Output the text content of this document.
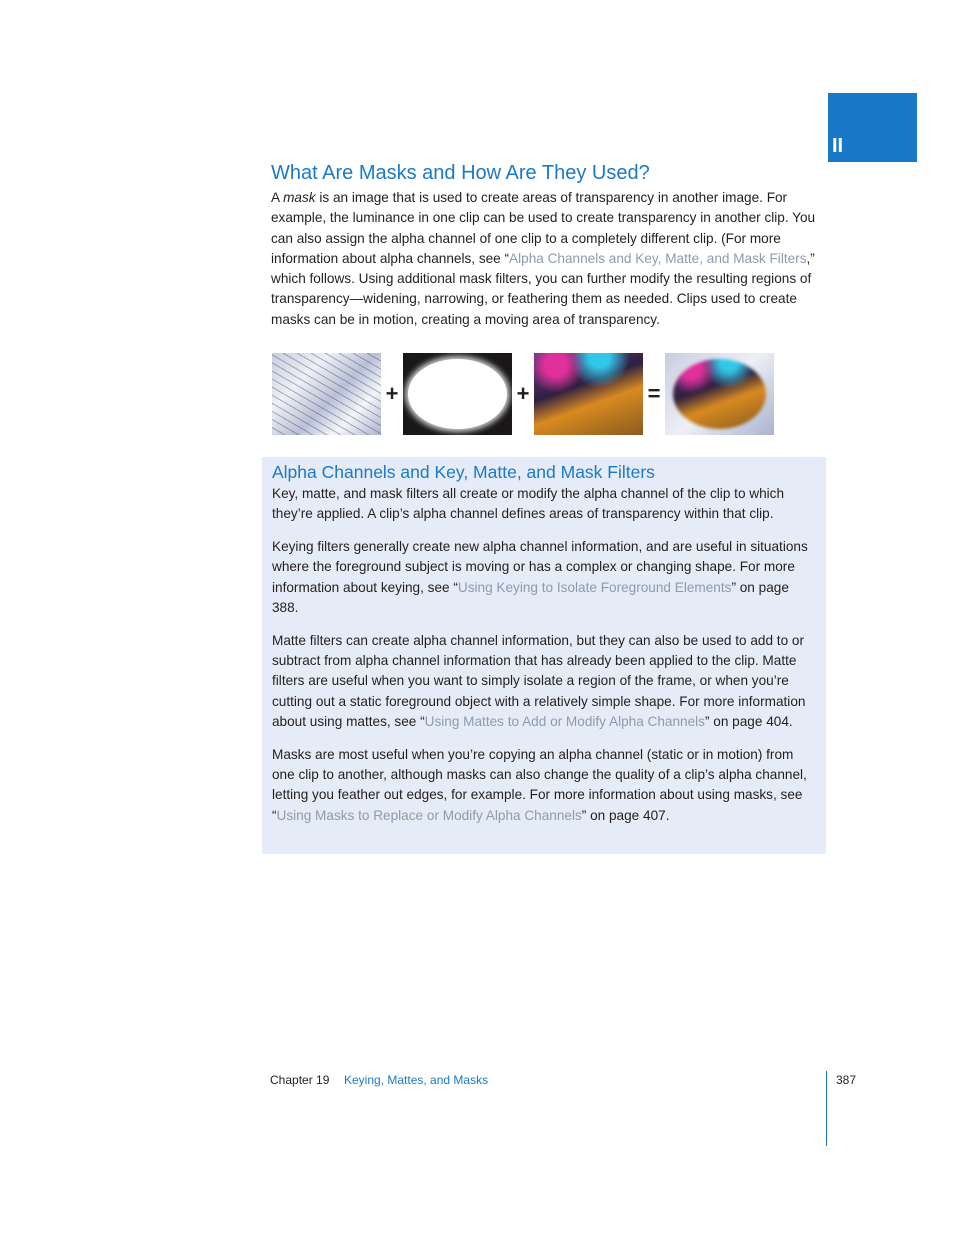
II
What Are Masks and How Are They Used?

A mask is an image that is used to create areas of transparency in another image. For example, the luminance in one clip can be used to create transparency in another clip. You can also assign the alpha channel of one clip to a completely different clip. (For more information about alpha channels, see “Alpha Channels and Key, Matte, and Mask Filters,” which follows. Using additional mask filters, you can further modify the resulting regions of transparency—widening, narrowing, or feathering them as needed. Clips used to create masks can be in motion, creating a moving area of transparency.

+	+	=
Alpha Channels and Key, Matte, and Mask Filters

Key, matte, and mask filters all create or modify the alpha channel of the clip to which they’re applied. A clip’s alpha channel defines areas of transparency within that clip.

Keying filters generally create new alpha channel information, and are useful in situations where the foreground subject is moving or has a complex or changing shape. For more information about keying, see “Using Keying to Isolate Foreground Elements” on page 388.

Matte filters can create alpha channel information, but they can also be used to add to or subtract from alpha channel information that has already been applied to the clip. Matte filters are useful when you want to simply isolate a region of the frame, or when you’re cutting out a static foreground object with a relatively simple shape. For more information about using mattes, see “Using Mattes to Add or Modify Alpha Channels” on page 404.

Masks are most useful when you’re copying an alpha channel (static or in motion) from one clip to another, although masks can also change the quality of a clip’s alpha channel, letting you feather out edges, for example. For more information about using masks, see “Using Masks to Replace or Modify Alpha Channels” on page 407.

Chapter 19 Keying, Mattes, and Masks	387
